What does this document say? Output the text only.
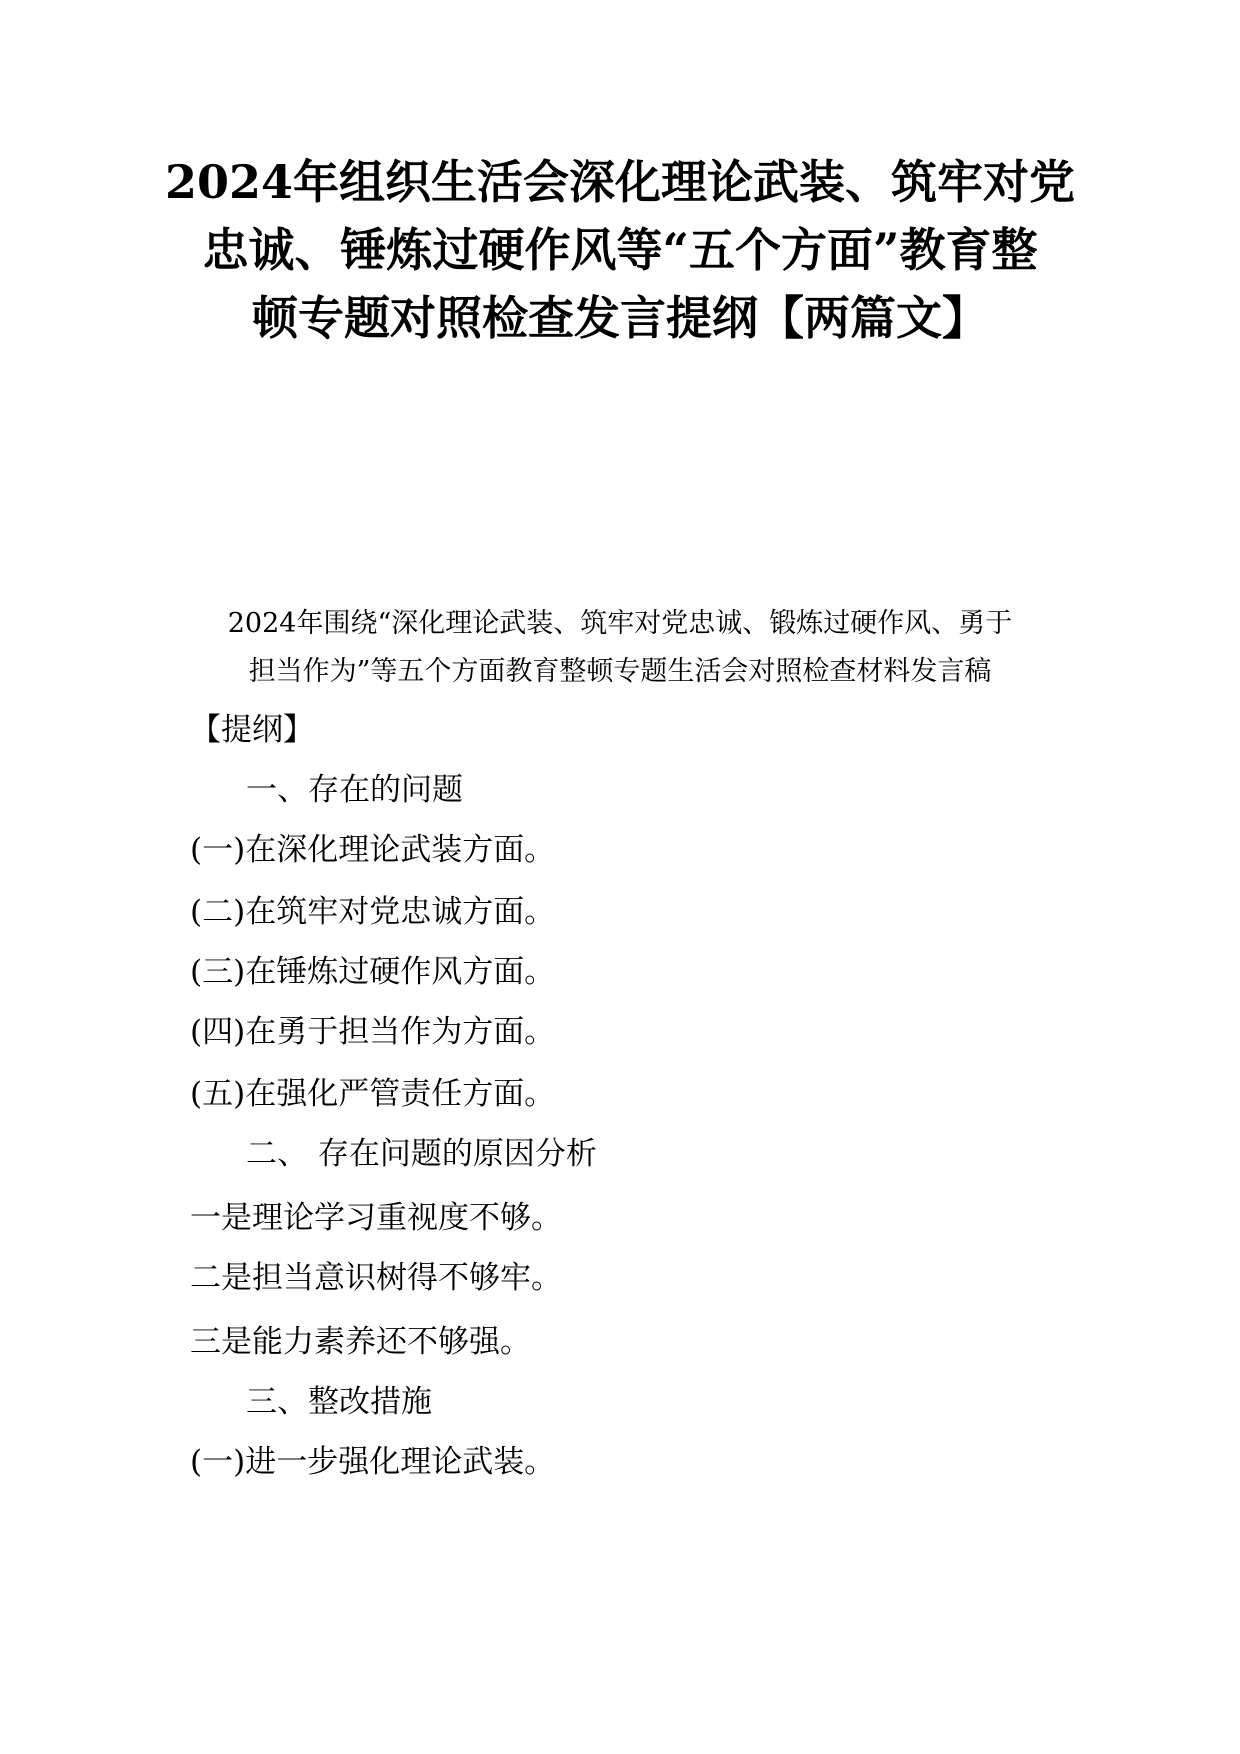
2024年组织生活会深化理论武装、筑牢对党
忠诚、锤炼过硬作风等“五个方面”教育整
顿专题对照检查发言提纲【两篇文】
2024年围绕“深化理论武装、筑牢对党忠诚、锻炼过硬作风、勇于
担当作为”等五个方面教育整顿专题生活会对照检查材料发言稿
【提纲】
一、存在的问题
(一)在深化理论武装方面。
(二)在筑牢对党忠诚方面。
(三)在锤炼过硬作风方面。
(四)在勇于担当作为方面。
(五)在强化严管责任方面。
二、 存在问题的原因分析
一是理论学习重视度不够。
二是担当意识树得不够牢。
三是能力素养还不够强。
三、整改措施
(一)进一步强化理论武装。
